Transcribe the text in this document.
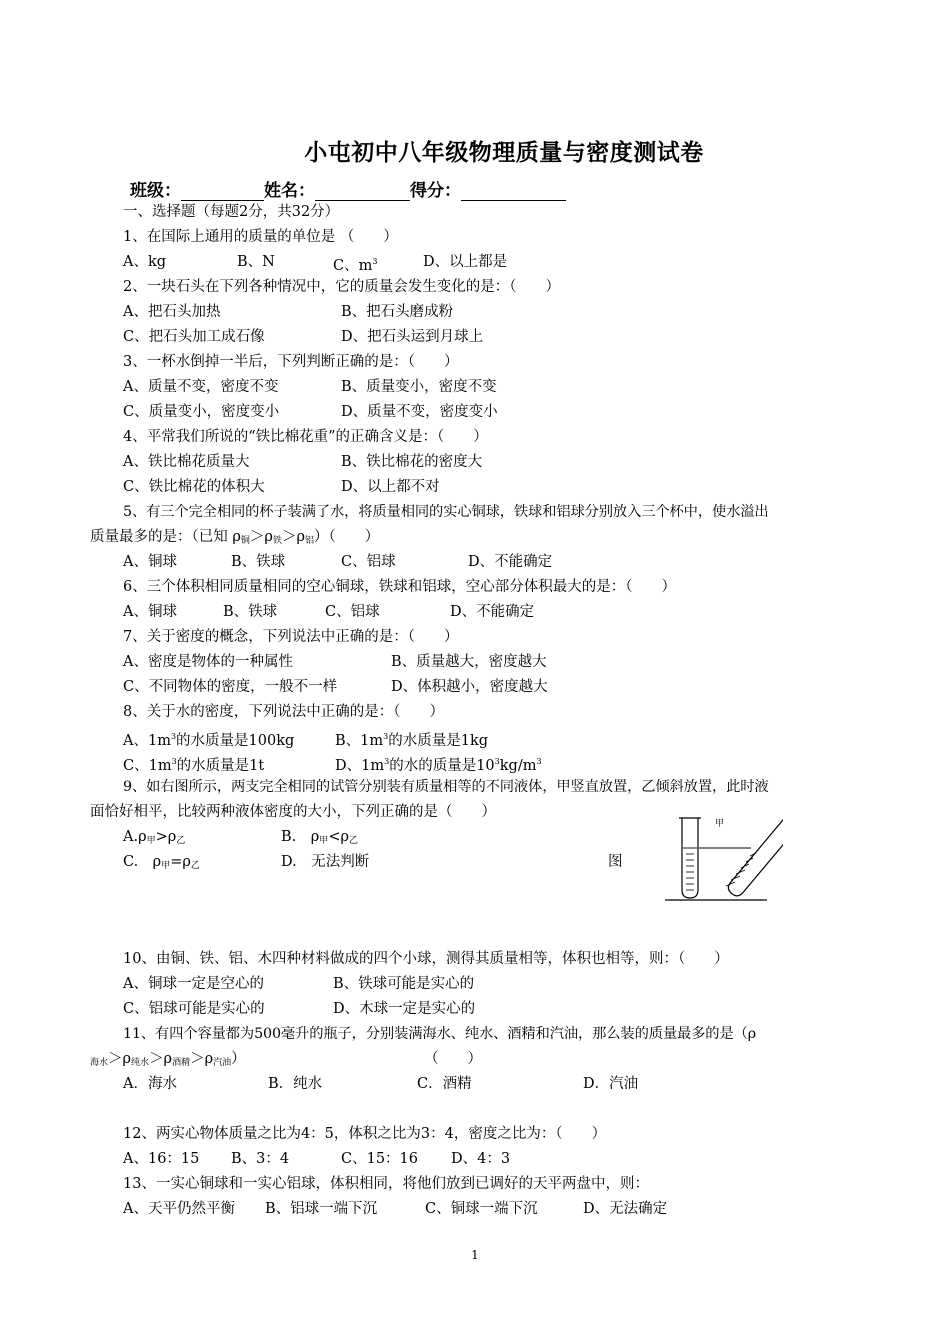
小屯初中八年级物理质量与密度测试卷
班级：	姓名：	得分：
一、选择题（每题2分，共32分）
1、在国际上通用的质量的单位是 （　　）
A、kg	B、N	C、$m^3$	D、以上都是
2、一块石头在下列各种情况中，它的质量会发生变化的是：（　　）
A、把石头加热	B、把石头磨成粉
C、把石头加工成石像	D、把石头运到月球上
3、一杯水倒掉一半后，下列判断正确的是：（　　）
A、质量不变，密度不变	B、质量变小，密度不变
C、质量变小，密度变小	D、质量不变，密度变小
4、平常我们所说的“铁比棉花重”的正确含义是：（　　）
A、铁比棉花质量大	B、铁比棉花的密度大
C、铁比棉花的体积大	D、以上都不对
5、有三个完全相同的杯子装满了水，将质量相同的实心铜球，铁球和铝球分别放入三个杯中，使水溢出
质量最多的是：（已知 $\rho_铜>\rho_铁>\rho_铝$）（　　）
A、铜球	B、铁球	C、铝球	D、不能确定
6、三个体积相同质量相同的空心铜球，铁球和铝球，空心部分体积最大的是：（　　）
A、铜球	B、铁球	C、铝球	D、不能确定
7、关于密度的概念，下列说法中正确的是：（　　）
A、密度是物体的一种属性	B、质量越大，密度越大
C、不同物体的密度，一般不一样	D、体积越小，密度越大
8、关于水的密度，下列说法中正确的是：（　　）
A、$1m^3$的水质量是100kg	B、$1m^3$的水质量是1kg
C、$1m^3$的水质量是1t	D、$1m^3$的水的质量是$10^3kg/m^3$
9、如右图所示，两支完全相同的试管分别装有质量相等的不同液体，甲竖直放置，乙倾斜放置，此时液
面恰好相平，比较两种液体密度的大小，下列正确的是（　　）
$A.\rho_甲>\rho_乙$	B.　$\rho_甲<\rho_乙$
C.　$\rho_甲=\rho_乙$	D.　无法判断	图
甲
10、由铜、铁、铝、木四种材料做成的四个小球，测得其质量相等，体积也相等，则：（　　）
A、铜球一定是空心的	B、铁球可能是实心的
C、铝球可能是实心的	D、木球一定是实心的
11、有四个容量都为500毫升的瓶子，分别装满海水、纯水、酒精和汽油，那么装的质量最多的是（ρ
$_{海水}>\rho_{纯水}>\rho_{酒精}>\rho_{汽油}$）	（　　）
A．海水	B．纯水	C．酒精	D．汽油
12、两实心物体质量之比为4：5，体积之比为3：4，密度之比为：（　　）
A、16：15 B、3：4	C、15：16 D、4：3
13、一实心铜球和一实心铝球，体积相同，将他们放到已调好的天平两盘中，则：
A、天平仍然平衡 B、铝球一端下沉	C、铜球一端下沉	D、无法确定
1
